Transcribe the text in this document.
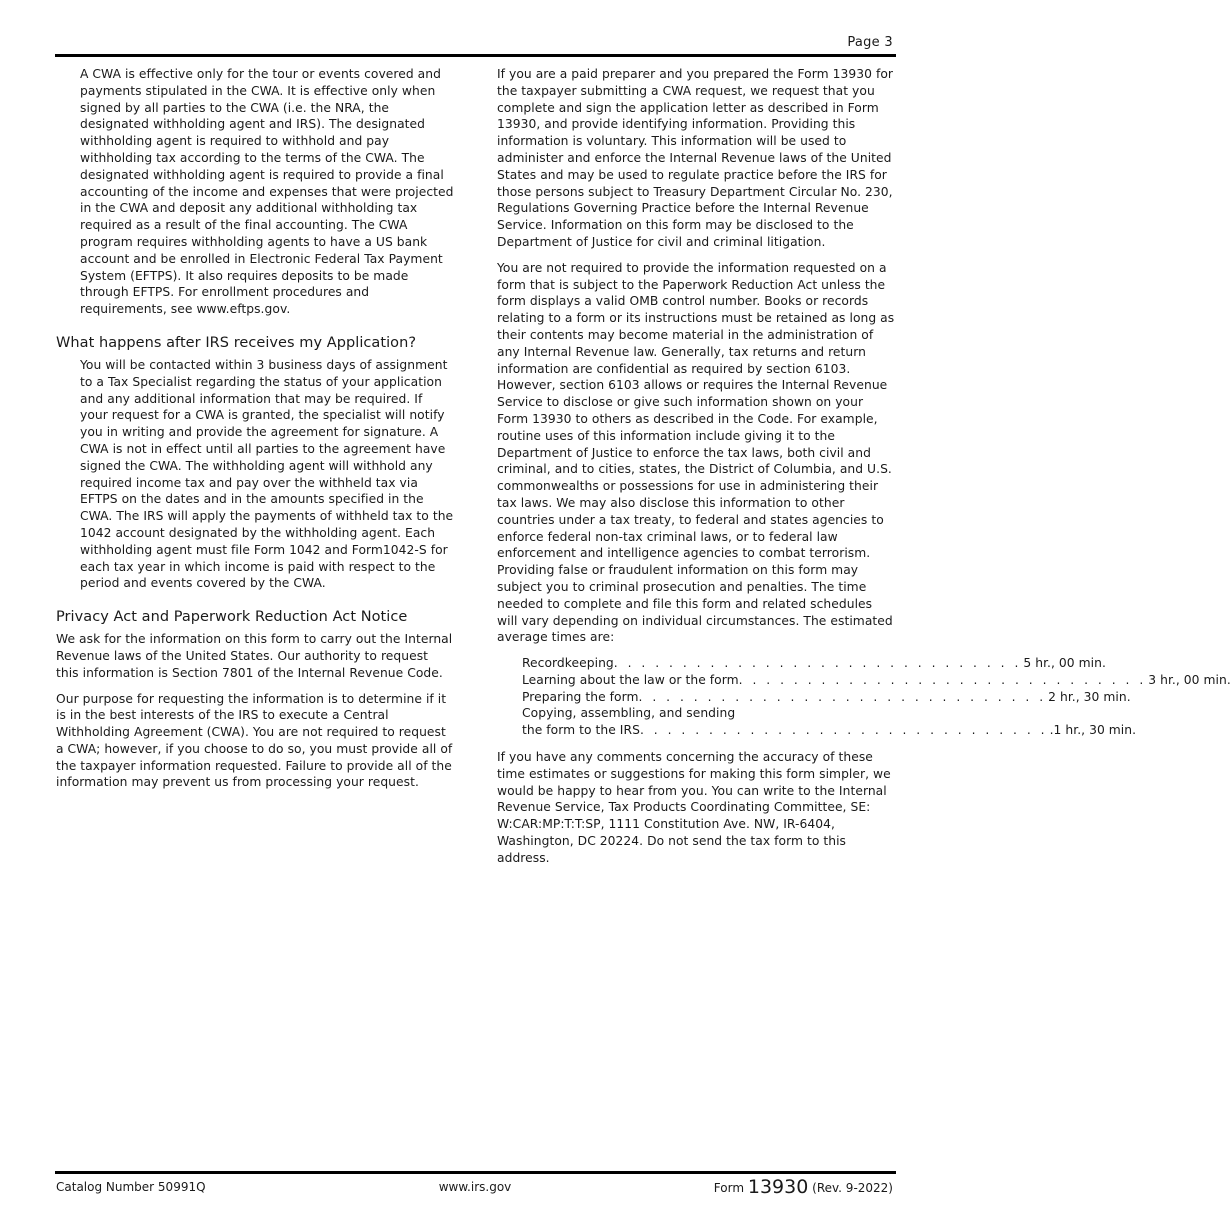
Page 3

A CWA is effective only for the tour or events covered and payments stipulated in the CWA. It is effective only when signed by all parties to the CWA (i.e. the NRA, the designated withholding agent and IRS). The designated withholding agent is required to withhold and pay withholding tax according to the terms of the CWA. The designated withholding agent is required to provide a final accounting of the income and expenses that were projected in the CWA and deposit any additional withholding tax required as a result of the final accounting. The CWA program requires withholding agents to have a US bank account and be enrolled in Electronic Federal Tax Payment System (EFTPS). It also requires deposits to be made through EFTPS. For enrollment procedures and requirements, see www.eftps.gov.

What happens after IRS receives my Application?

You will be contacted within 3 business days of assignment to a Tax Specialist regarding the status of your application and any additional information that may be required. If your request for a CWA is granted, the specialist will notify you in writing and provide the agreement for signature. A CWA is not in effect until all parties to the agreement have signed the CWA. The withholding agent will withhold any required income tax and pay over the withheld tax via EFTPS on the dates and in the amounts specified in the CWA. The IRS will apply the payments of withheld tax to the 1042 account designated by the withholding agent. Each withholding agent must file Form 1042 and Form1042-S for each tax year in which income is paid with respect to the period and events covered by the CWA.

Privacy Act and Paperwork Reduction Act Notice

We ask for the information on this form to carry out the Internal Revenue laws of the United States. Our authority to request this information is Section 7801 of the Internal Revenue Code.

Our purpose for requesting the information is to determine if it is in the best interests of the IRS to execute a Central Withholding Agreement (CWA). You are not required to request a CWA; however, if you choose to do so, you must provide all of the taxpayer information requested. Failure to provide all of the information may prevent us from processing your request.

If you are a paid preparer and you prepared the Form 13930 for the taxpayer submitting a CWA request, we request that you complete and sign the application letter as described in Form 13930, and provide identifying information. Providing this information is voluntary. This information will be used to administer and enforce the Internal Revenue laws of the United States and may be used to regulate practice before the IRS for those persons subject to Treasury Department Circular No. 230, Regulations Governing Practice before the Internal Revenue Service. Information on this form may be disclosed to the Department of Justice for civil and criminal litigation.

You are not required to provide the information requested on a form that is subject to the Paperwork Reduction Act unless the form displays a valid OMB control number. Books or records relating to a form or its instructions must be retained as long as their contents may become material in the administration of any Internal Revenue law. Generally, tax returns and return information are confidential as required by section 6103. However, section 6103 allows or requires the Internal Revenue Service to disclose or give such information shown on your Form 13930 to others as described in the Code. For example, routine uses of this information include giving it to the Department of Justice to enforce the tax laws, both civil and criminal, and to cities, states, the District of Columbia, and U.S. commonwealths or possessions for use in administering their tax laws. We may also disclose this information to other countries under a tax treaty, to federal and states agencies to enforce federal non-tax criminal laws, or to federal law enforcement and intelligence agencies to combat terrorism. Providing false or fraudulent information on this form may subject you to criminal prosecution and penalties. The time needed to complete and file this form and related schedules will vary depending on individual circumstances. The estimated average times are:

Recordkeeping . . . . . . . . . . . . . . . . . . . . . . . . . . . . . . 5 hr., 00 min.
Learning about the law or the form . . . . . . . . . . . . . . . . . . . . . . . . . . . . . . 3 hr., 00 min.
Preparing the form . . . . . . . . . . . . . . . . . . . . . . . . . . . . . . 2 hr., 30 min.
Copying, assembling, and sending
the form to the IRS . . . . . . . . . . . . . . . . . . . . . . . . . . . . . . .1 hr., 30 min.

If you have any comments concerning the accuracy of these time estimates or suggestions for making this form simpler, we would be happy to hear from you. You can write to the Internal Revenue Service, Tax Products Coordinating Committee, SE: W:CAR:MP:T:T:SP, 1111 Constitution Ave. NW, IR-6404, Washington, DC 20224. Do not send the tax form to this address.

Catalog Number 50991Q	www.irs.gov	Form 13930 (Rev. 9-2022)
